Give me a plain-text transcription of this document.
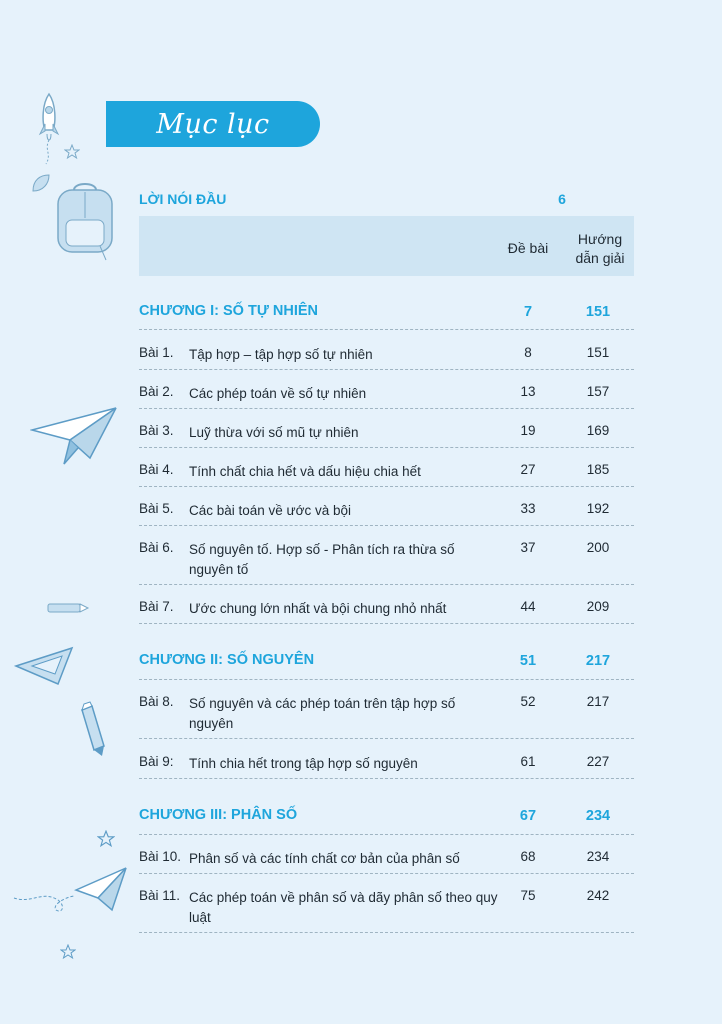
Mục lục
LỜI NÓI ĐẦU	6
Đề bài
Hướng
dẫn giải
CHƯƠNG I: SỐ TỰ NHIÊN	7	151
Bài 1. Tập hợp – tập hợp số tự nhiên	8	151
Bài 2. Các phép toán về số tự nhiên	13	157
Bài 3. Luỹ thừa với số mũ tự nhiên	19	169
Bài 4. Tính chất chia hết và dấu hiệu chia hết	27	185
Bài 5. Các bài toán về ước và bội	33	192
Bài 6. Số nguyên tố. Hợp số - Phân tích ra thừa số nguyên tố
37	200
Bài 7. Ước chung lớn nhất và bội chung nhỏ nhất	44	209
CHƯƠNG II: SỐ NGUYÊN	51	217
Bài 8. Số nguyên và các phép toán trên tập hợp số nguyên
52	217
Bài 9: Tính chia hết trong tập hợp số nguyên	61	227
CHƯƠNG III: PHÂN SỐ	67	234
Bài 10. Phân số và các tính chất cơ bản của phân số	68	234
Bài 11. Các phép toán về phân số và dãy phân số theo quy luật
75	242
